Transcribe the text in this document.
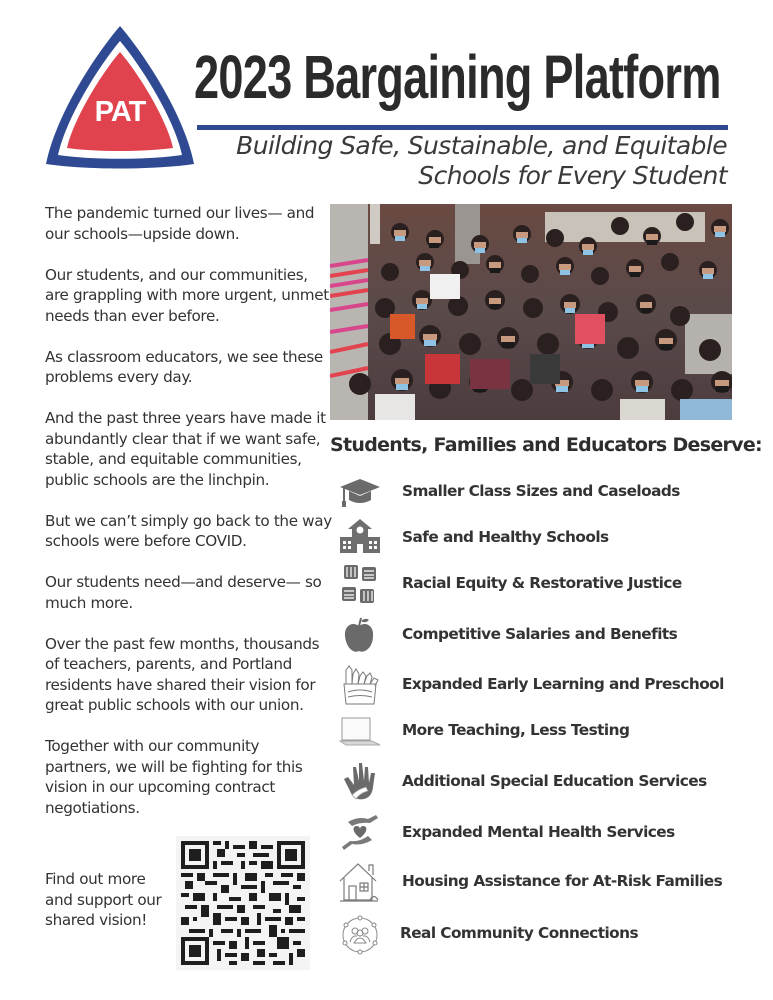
PAT
2023 Bargaining Platform
Building Safe, Sustainable, and Equitable
Schools for Every Student

The pandemic turned our lives— and our schools—upside down.

Our students, and our communities, are grappling with more urgent, unmet needs than ever before.

As classroom educators, we see these problems every day.

And the past three years have made it abundantly clear that if we want safe, stable, and equitable communities, public schools are the linchpin.

But we can’t simply go back to the way schools were before COVID.

Our students need—and deserve— so much more.

Over the past few months, thousands of teachers, parents, and Portland residents have shared their vision for great public schools with our union.

Together with our community partners, we will be fighting for this vision in our upcoming contract negotiations.

Find out more and support our shared vision!
Students, Families and Educators Deserve:
Smaller Class Sizes and Caseloads
Safe and Healthy Schools
Racial Equity & Restorative Justice
Competitive Salaries and Benefits
Expanded Early Learning and Preschool
More Teaching, Less Testing
Additional Special Education Services
Expanded Mental Health Services
Housing Assistance for At-Risk Families
Real Community Connections
